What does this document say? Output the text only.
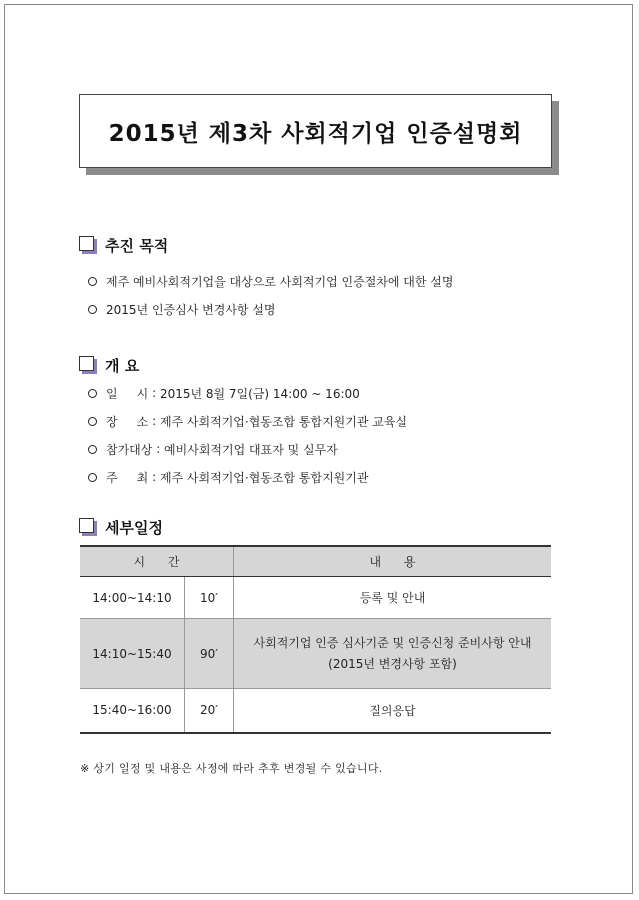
2015년 제3차 사회적기업 인증설명회
추진 목적
제주 예비사회적기업을 대상으로 사회적기업 인증절차에 대한 설명
2015년 인증심사 변경사항 설명
개 요
일     시 : 2015년 8월 7일(금) 14:00 ~ 16:00
장     소 : 제주 사회적기업·협동조합 통합지원기관 교육실
참가대상 : 예비사회적기업 대표자 및 실무자
주     최 : 제주 사회적기업·협동조합 통합지원기관
세부일정
시      간		내      용
14:00~14:10	10′	등록 및 안내
14:10~15:40	90′	사회적기업 인증 심사기준 및 인증신청 준비사항 안내
(2015년 변경사항 포함)

15:40~16:00	20′	질의응답
※ 상기 일정 및 내용은 사정에 따라 추후 변경될 수 있습니다.
